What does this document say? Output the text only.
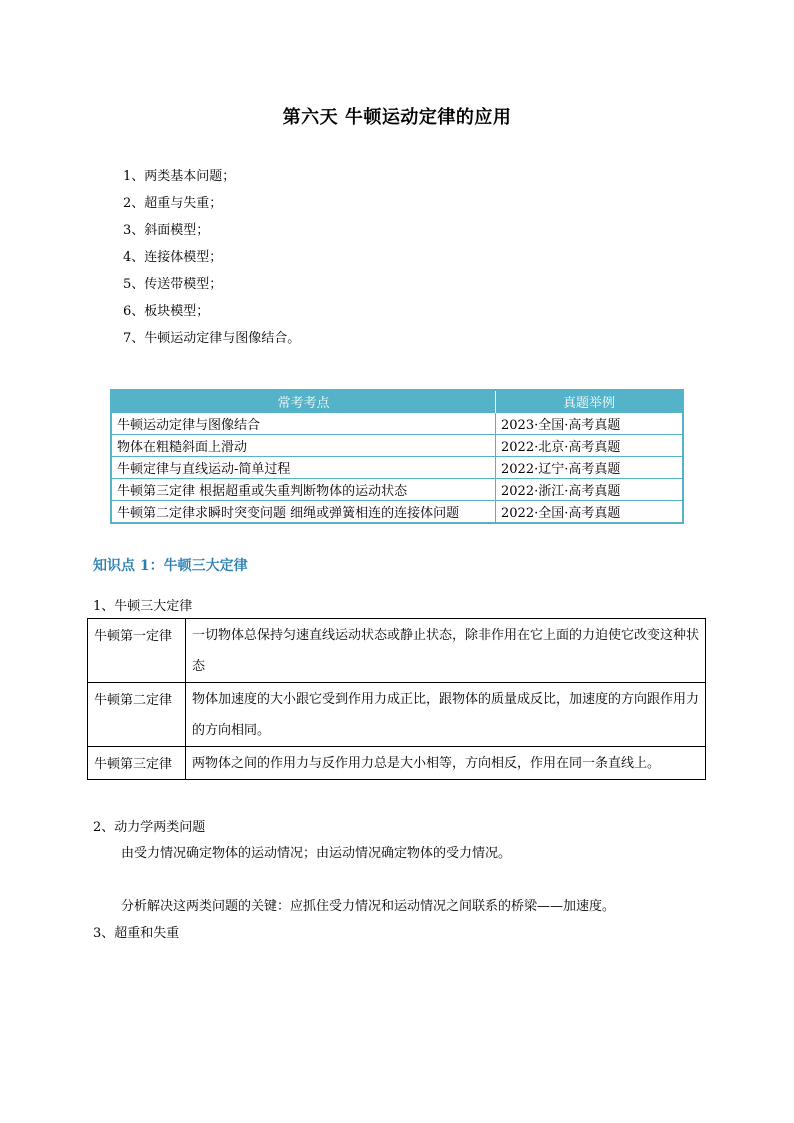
第六天 牛顿运动定律的应用
1、两类基本问题；
2、超重与失重；
3、斜面模型；
4、连接体模型；
5、传送带模型；
6、板块模型；
7、牛顿运动定律与图像结合。
常考考点	真题举例
牛顿运动定律与图像结合	2023·全国·高考真题
物体在粗糙斜面上滑动	2022·北京·高考真题
牛顿定律与直线运动-简单过程	2022·辽宁·高考真题
牛顿第三定律 根据超重或失重判断物体的运动状态	2022·浙江·高考真题
牛顿第二定律求瞬时突变问题 细绳或弹簧相连的连接体问题	2022·全国·高考真题
知识点 1：牛顿三大定律
1、牛顿三大定律
牛顿第一定律	一切物体总保持匀速直线运动状态或静止状态，除非作用在它上面的力迫使它改变这种状态
牛顿第二定律	物体加速度的大小跟它受到作用力成正比，跟物体的质量成反比，加速度的方向跟作用力的方向相同。
牛顿第三定律	两物体之间的作用力与反作用力总是大小相等，方向相反，作用在同一条直线上。
2、动力学两类问题
由受力情况确定物体的运动情况；由运动情况确定物体的受力情况。
分析解决这两类问题的关键：应抓住受力情况和运动情况之间联系的桥梁——加速度。
3、超重和失重
